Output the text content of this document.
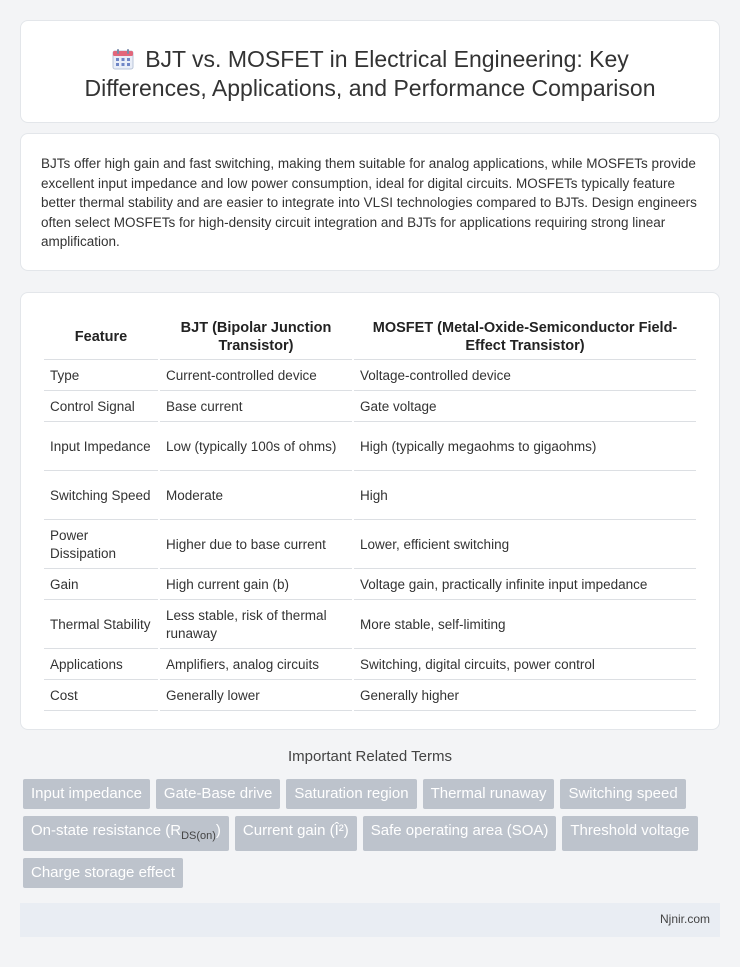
BJT vs. MOSFET in Electrical Engineering: Key Differences, Applications, and Performance Comparison

BJTs offer high gain and fast switching, making them suitable for analog applications, while MOSFETs provide excellent input impedance and low power consumption, ideal for digital circuits. MOSFETs typically feature better thermal stability and are easier to integrate into VLSI technologies compared to BJTs. Design engineers often select MOSFETs for high-density circuit integration and BJTs for applications requiring strong linear amplification.

Feature	BJT (Bipolar Junction Transistor)	MOSFET (Metal-Oxide-Semiconductor Field-Effect Transistor)
Type	Current-controlled device	Voltage-controlled device
Control Signal	Base current	Gate voltage
Input Impedance	Low (typically 100s of ohms)	High (typically megaohms to gigaohms)
Switching Speed	Moderate	High
Power Dissipation	Higher due to base current	Lower, efficient switching
Gain	High current gain (b)	Voltage gain, practically infinite input impedance
Thermal Stability	Less stable, risk of thermal runaway	More stable, self-limiting
Applications	Amplifiers, analog circuits	Switching, digital circuits, power control
Cost	Generally lower	Generally higher
Important Related Terms
Input impedance	Gate-Base drive	Saturation region	Thermal runaway	Switching speed
On-state resistance $(R_{DS(on)})$	Current gain (Î²)	Safe operating area (SOA)	Threshold voltage
Charge storage effect
Njnir.com
